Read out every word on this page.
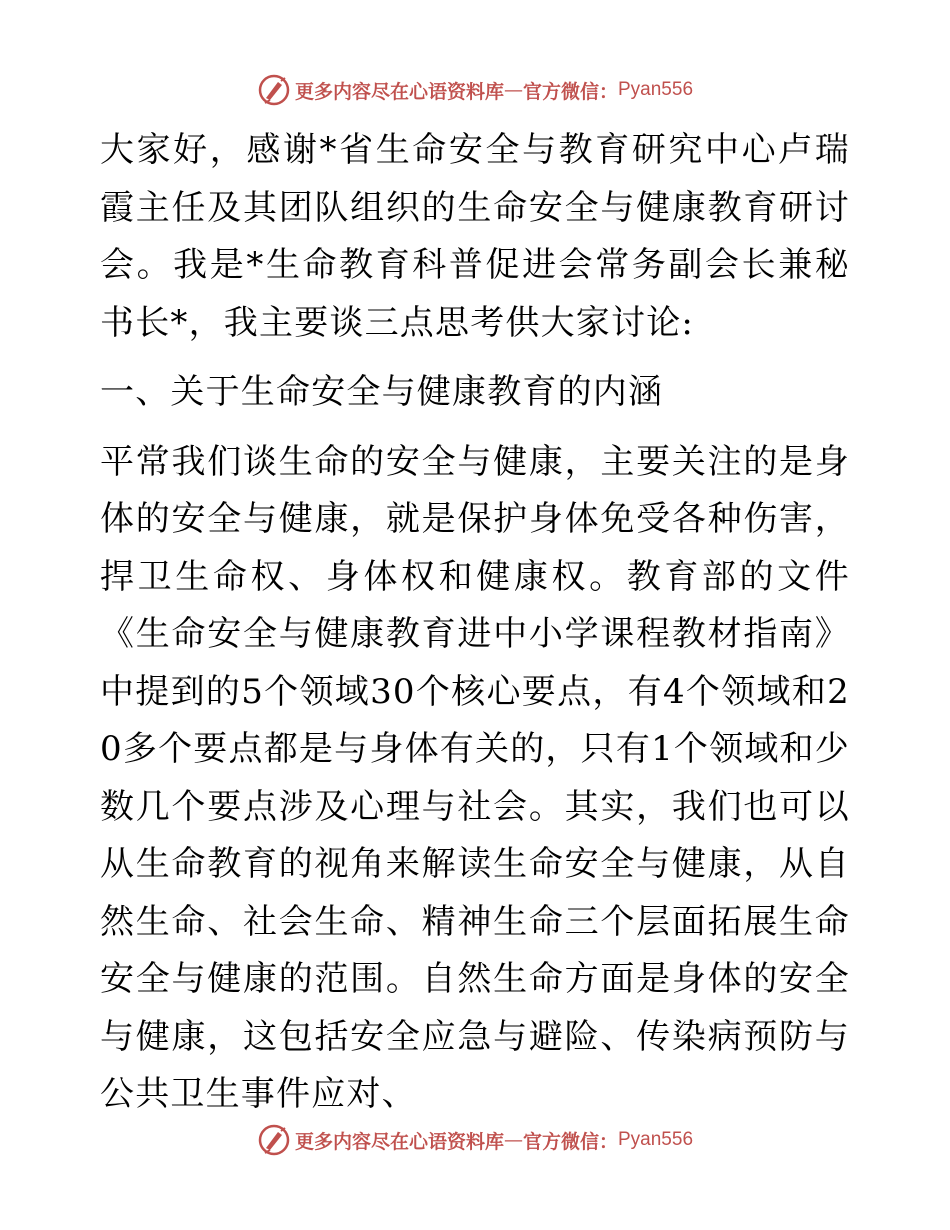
更多内容尽在心语资料库 — 官方微信： Pyan556

大家好，感谢*省生命安全与教育研究中心卢瑞霞主任及其团队组织的生命安全与健康教育研讨会。我是*生命教育科普促进会常务副会长兼秘书长*，我主要谈三点思考供大家讨论:

一、关于生命安全与健康教育的内涵

平常我们谈生命的安全与健康，主要关注的是身体的安全与健康，就是保护身体免受各种伤害，捍卫生命权、身体权和健康权。教育部的文件《生命安全与健康教育进中小学课程教材指南》中提到的5个领域30个核心要点，有4个领域和20多个要点都是与身体有关的，只有1个领域和少数几个要点涉及心理与社会。其实，我们也可以从生命教育的视角来解读生命安全与健康，从自然生命、社会生命、精神生命三个层面拓展生命安全与健康的范围。自然生命方面是身体的安全与健康，这包括安全应急与避险、传染病预防与公共卫生事件应对、

更多内容尽在心语资料库 — 官方微信： Pyan556
